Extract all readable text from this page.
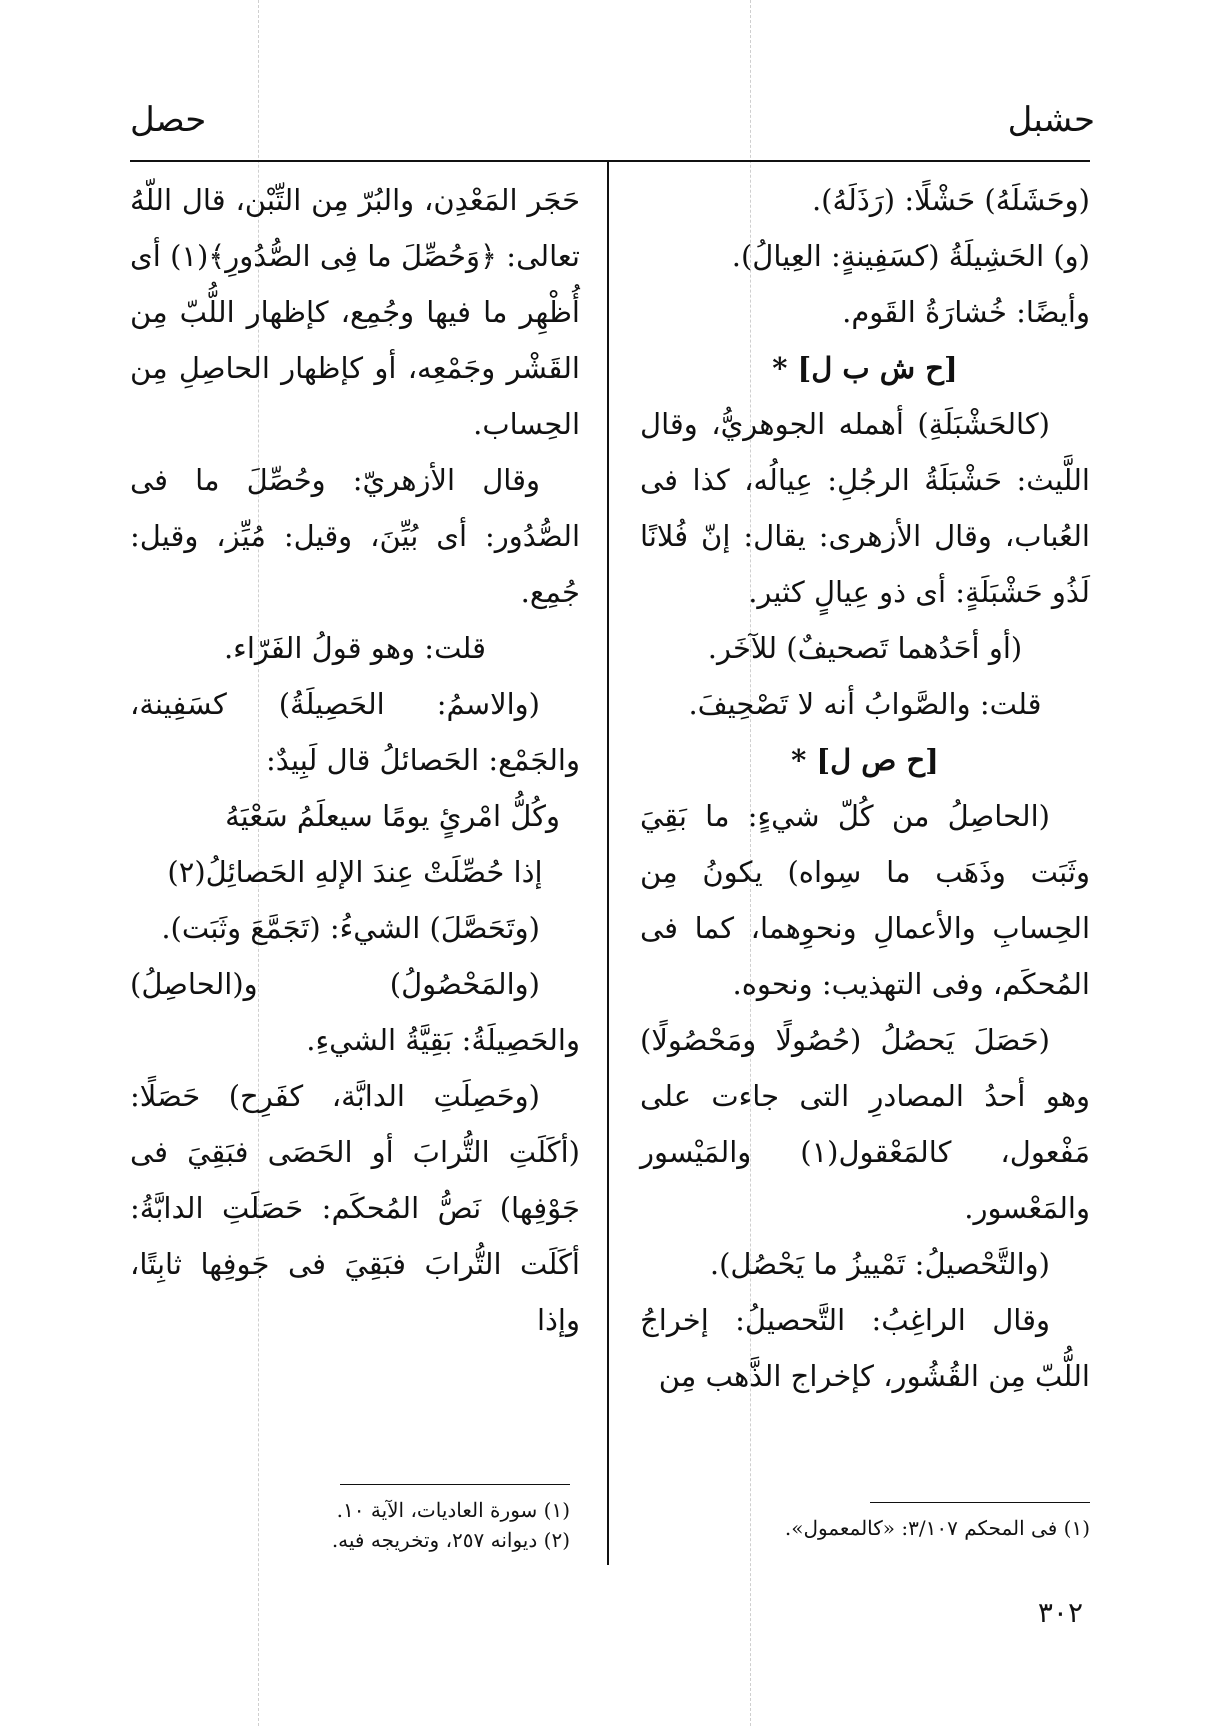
حشبل
حصل

(وحَشَلَهُ) حَشْلًا: (رَذَلَهُ).

(و) الحَشِيلَةُ (كسَفِينةٍ: العِيالُ).

وأيضًا: خُشارَةُ القَوم.

[ح ش ب ل] *

(كالحَشْبَلَةِ) أهمله الجوهريُّ، وقال اللَّيث: حَشْبَلَةُ الرجُلِ: عِيالُه، كذا فى العُباب، وقال الأزهرى: يقال: إنّ فُلانًا لَذُو حَشْبَلَةٍ: أى ذو عِيالٍ كثير.

(أو أحَدُهما تَصحيفٌ) للآخَر.

قلت: والصَّوابُ أنه لا تَصْحِيفَ.

[ح ص ل] *

(الحاصِلُ من كُلّ شيءٍ: ما بَقِيَ وثَبَت وذَهَب ما سِواه) يكونُ مِن الحِسابِ والأعمالِ ونحوِهما، كما فى المُحكَم، وفى التهذيب: ونحوه.

(حَصَلَ يَحصُلُ (حُصُولًا ومَحْصُولًا) وهو أحدُ المصادرِ التى جاءت على مَفْعول، كالمَعْقول(١) والمَيْسور والمَعْسور.

(والتَّحْصيلُ: تَمْييزُ ما يَحْصُل).

وقال الراغِبُ: التَّحصيلُ: إخراجُ اللُّبّ مِن القُشُور، كإخراج الذَّهب مِن

حَجَر المَعْدِن، والبُرّ مِن التِّبْن، قال اللّهُ تعالى: ﴿وَحُصِّلَ ما فِى الصُّدُورِ﴾(١) أى أُظْهِر ما فيها وجُمِع، كإظهار اللُّبّ مِن القَشْر وجَمْعِه، أو كإظهار الحاصِلِ مِن الحِساب.

وقال الأزهريّ: وحُصِّلَ ما فى الصُّدُور: أى بُيِّنَ، وقيل: مُيِّز، وقيل: جُمِع.

قلت: وهو قولُ الفَرّاء.

(والاسمُ: الحَصِيلَةُ) كسَفِينة، والجَمْع: الحَصائلُ قال لَبِيدٌ:

وكُلُّ امْرئٍ يومًا سيعلَمُ سَعْيَهُ

إذا حُصِّلَتْ عِندَ الإلهِ الحَصائِلُ(٢)

(وتَحَصَّلَ) الشيءُ: (تَجَمَّعَ وثَبَت).

(والمَحْصُولُ) و(الحاصِلُ) والحَصِيلَةُ: بَقِيَّةُ الشيءِ.

(وحَصِلَتِ الدابَّة، كفَرِح) حَصَلًا: (أكَلَتِ التُّرابَ أو الحَصَى فبَقِيَ فى جَوْفِها) نَصُّ المُحكَم: حَصَلَتِ الدابَّةُ: أكَلَت التُّرابَ فبَقِيَ فى جَوفِها ثابِتًا، وإذا

(١) فى المحكم ٣/١٠٧: «كالمعمول».

(١) سورة العاديات، الآية ١٠.

(٢) ديوانه ٢٥٧، وتخريجه فيه.

٣٠٢
